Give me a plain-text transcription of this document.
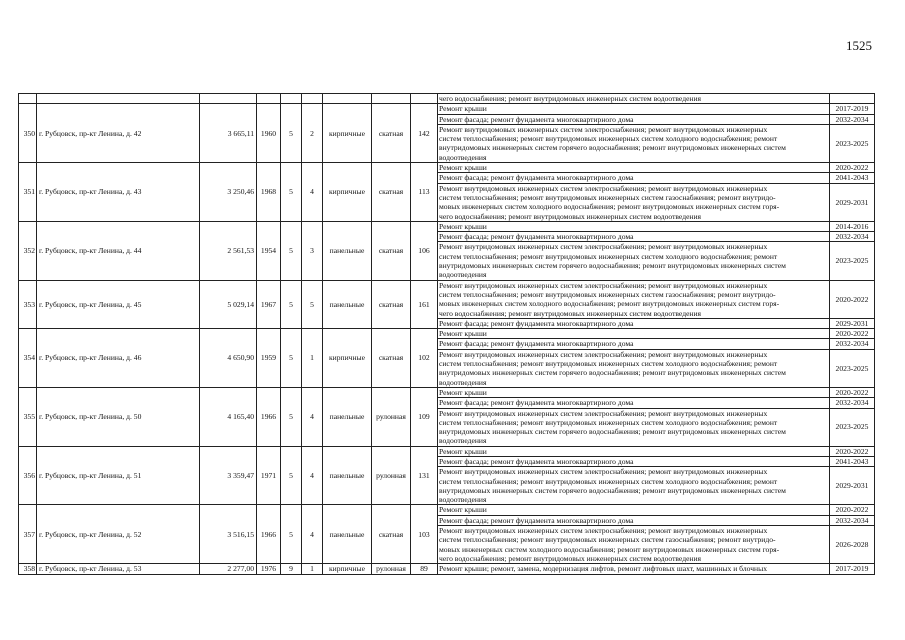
1525
									чего водоснабжения; ремонт внутридомовых инженерных систем водоотведения	
350	г. Рубцовск, пр-кт Ленина, д. 42	3 665,11	1960	5	2	кирпичные	скатная	142	Ремонт крыши	2017-2019

									Ремонт фасада; ремонт фундамента многоквартирного дома	2032-2034

									Ремонт внутридомовых инженерных систем электроснабжения; ремонт внутридомовых инженерных
систем теплоснабжения; ремонт внутридомовых инженерных систем холодного водоснабжения; ремонт
внутридомовых инженерных систем горячего водоснабжения; ремонт внутридомовых инженерных систем
водоотведения	2023-2025
351	г. Рубцовск, пр-кт Ленина, д. 43	3 250,46	1968	5	4	кирпичные	скатная	113	Ремонт крыши	2020-2022

									Ремонт фасада; ремонт фундамента многоквартирного дома	2041-2043

									Ремонт внутридомовых инженерных систем электроснабжения; ремонт внутридомовых инженерных
систем теплоснабжения; ремонт внутридомовых инженерных систем газоснабжения; ремонт внутридо-
мовых инженерных систем холодного водоснабжения; ремонт внутридомовых инженерных систем горя-
чего водоснабжения; ремонт внутридомовых инженерных систем водоотведения	2029-2031
352	г. Рубцовск, пр-кт Ленина, д. 44	2 561,53	1954	5	3	панельные	скатная	106	Ремонт крыши	2014-2016

									Ремонт фасада; ремонт фундамента многоквартирного дома	2032-2034

									Ремонт внутридомовых инженерных систем электроснабжения; ремонт внутридомовых инженерных
систем теплоснабжения; ремонт внутридомовых инженерных систем холодного водоснабжения; ремонт
внутридомовых инженерных систем горячего водоснабжения; ремонт внутридомовых инженерных систем
водоотведения	2023-2025
353	г. Рубцовск, пр-кт Ленина, д. 45	5 029,14	1967	5	5	панельные	скатная	161	Ремонт внутридомовых инженерных систем электроснабжения; ремонт внутридомовых инженерных
систем теплоснабжения; ремонт внутридомовых инженерных систем газоснабжения; ремонт внутридо-
мовых инженерных систем холодного водоснабжения; ремонт внутридомовых инженерных систем горя-
чего водоснабжения; ремонт внутридомовых инженерных систем водоотведения	2020-2022

									Ремонт фасада; ремонт фундамента многоквартирного дома	2029-2031
354	г. Рубцовск, пр-кт Ленина, д. 46	4 650,90	1959	5	1	кирпичные	скатная	102	Ремонт крыши	2020-2022

									Ремонт фасада; ремонт фундамента многоквартирного дома	2032-2034

									Ремонт внутридомовых инженерных систем электроснабжения; ремонт внутридомовых инженерных
систем теплоснабжения; ремонт внутридомовых инженерных систем холодного водоснабжения; ремонт
внутридомовых инженерных систем горячего водоснабжения; ремонт внутридомовых инженерных систем
водоотведения	2023-2025
355	г. Рубцовск, пр-кт Ленина, д. 50	4 165,40	1966	5	4	панельные	рулонная	109	Ремонт крыши	2020-2022

									Ремонт фасада; ремонт фундамента многоквартирного дома	2032-2034

									Ремонт внутридомовых инженерных систем электроснабжения; ремонт внутридомовых инженерных
систем теплоснабжения; ремонт внутридомовых инженерных систем холодного водоснабжения; ремонт
внутридомовых инженерных систем горячего водоснабжения; ремонт внутридомовых инженерных систем
водоотведения	2023-2025
356	г. Рубцовск, пр-кт Ленина, д. 51	3 359,47	1971	5	4	панельные	рулонная	131	Ремонт крыши	2020-2022

									Ремонт фасада; ремонт фундамента многоквартирного дома	2041-2043

									Ремонт внутридомовых инженерных систем электроснабжения; ремонт внутридомовых инженерных
систем теплоснабжения; ремонт внутридомовых инженерных систем холодного водоснабжения; ремонт
внутридомовых инженерных систем горячего водоснабжения; ремонт внутридомовых инженерных систем
водоотведения	2029-2031
357	г. Рубцовск, пр-кт Ленина, д. 52	3 516,15	1966	5	4	панельные	скатная	103	Ремонт крыши	2020-2022

									Ремонт фасада; ремонт фундамента многоквартирного дома	2032-2034

									Ремонт внутридомовых инженерных систем электроснабжения; ремонт внутридомовых инженерных
систем теплоснабжения; ремонт внутридомовых инженерных систем газоснабжения; ремонт внутридо-
мовых инженерных систем холодного водоснабжения; ремонт внутридомовых инженерных систем горя-
чего водоснабжения; ремонт внутридомовых инженерных систем водоотведения	2026-2028
358	г. Рубцовск, пр-кт Ленина, д. 53	2 277,00	1976	9	1	кирпичные	рулонная	89	Ремонт крыши; ремонт, замена, модернизация лифтов, ремонт лифтовых шахт, машинных и блочных	2017-2019
